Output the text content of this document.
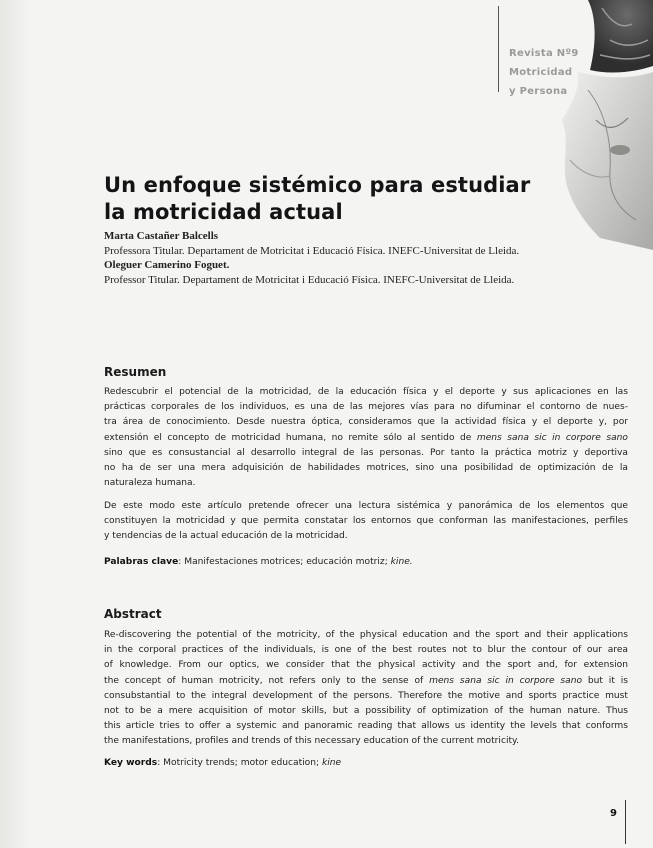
Revista Nº9
Motricidad
y Persona
Un enfoque sistémico para estudiar
la motricidad actual
Marta Castañer Balcells
Professora Titular. Departament de Motricitat i Educació Física. INEFC-Universitat de Lleida.
Oleguer Camerino Foguet.
Professor Titular. Departament de Motricitat i Educació Física. INEFC-Universitat de Lleida.
Resumen
Redescubrir el potencial de la motricidad, de la educación física y el deporte y sus aplicaciones en las
prácticas corporales de los individuos, es una de las mejores vías para no difuminar el contorno de nues-
tra área de conocimiento. Desde nuestra óptica, consideramos que la actividad física y el deporte y, por
extensión el concepto de motricidad humana, no remite sólo al sentido de mens sana sic in corpore sano
sino que es consustancial al desarrollo integral de las personas. Por tanto la práctica motriz y deportiva
no ha de ser una mera adquisición de habilidades motrices, sino una posibilidad de optimización de la
naturaleza humana.
De este modo este artículo pretende ofrecer una lectura sistémica y panorámica de los elementos que
constituyen la motricidad y que permita constatar los entornos que conforman las manifestaciones, perfiles
y tendencias de la actual educación de la motricidad.
Palabras clave: Manifestaciones motrices; educación motriz; kine.
Abstract
Re-discovering the potential of the motricity, of the physical education and the sport and their applications
in the corporal practices of the individuals, is one of the best routes not to blur the contour of our area
of knowledge. From our optics, we consider that the physical activity and the sport and, for extension
the concept of human motricity, not refers only to the sense of mens sana sic in corpore sano but it is
consubstantial to the integral development of the persons. Therefore the motive and sports practice must
not to be a mere acquisition of motor skills, but a possibility of optimization of the human nature. Thus
this article tries to offer a systemic and panoramic reading that allows us identity the levels that conforms
the manifestations, profiles and trends of this necessary education of the current motricity.
Key words: Motricity trends; motor education; kine
9
